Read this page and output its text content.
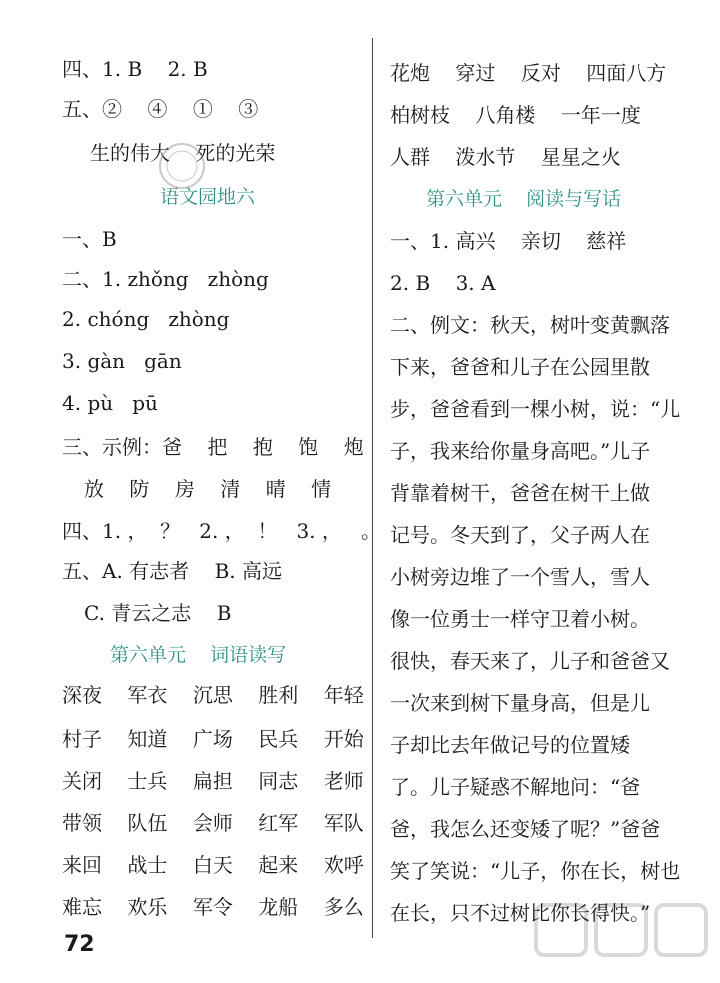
四、1. B    2. B
五、②    ④    ①    ③
生的伟大    死的光荣
语文园地六
一、B
二、1. zhǒng   zhòng
2. chóng   zhòng
3. gàn   gān
4. pù   pū
三、示例：爸    把    抱    饱    炮
放    防    房    清    晴    情
四、1. ，  ？   2. ，  ！   3. ，   。
五、A. 有志者    B. 高远
C. 青云之志    B
第六单元    词语读写
深夜    军衣    沉思    胜利    年轻
村子    知道    广场    民兵    开始
关闭    士兵    扁担    同志    老师
带领    队伍    会师    红军    军队
来回    战士    白天    起来    欢呼
难忘    欢乐    军令    龙船    多么
花炮    穿过    反对    四面八方
柏树枝    八角楼    一年一度
人群    泼水节    星星之火
第六单元    阅读与写话
一、1. 高兴    亲切    慈祥
2. B    3. A
二、例文：秋天，树叶变黄飘落
下来，爸爸和儿子在公园里散
步，爸爸看到一棵小树，说：“儿
子，我来给你量身高吧。”儿子
背靠着树干，爸爸在树干上做
记号。冬天到了，父子两人在
小树旁边堆了一个雪人，雪人
像一位勇士一样守卫着小树。
很快，春天来了，儿子和爸爸又
一次来到树下量身高，但是儿
子却比去年做记号的位置矮
了。儿子疑惑不解地问：“爸
爸，我怎么还变矮了呢？”爸爸
笑了笑说：“儿子，你在长，树也
在长，只不过树比你长得快。”
72
